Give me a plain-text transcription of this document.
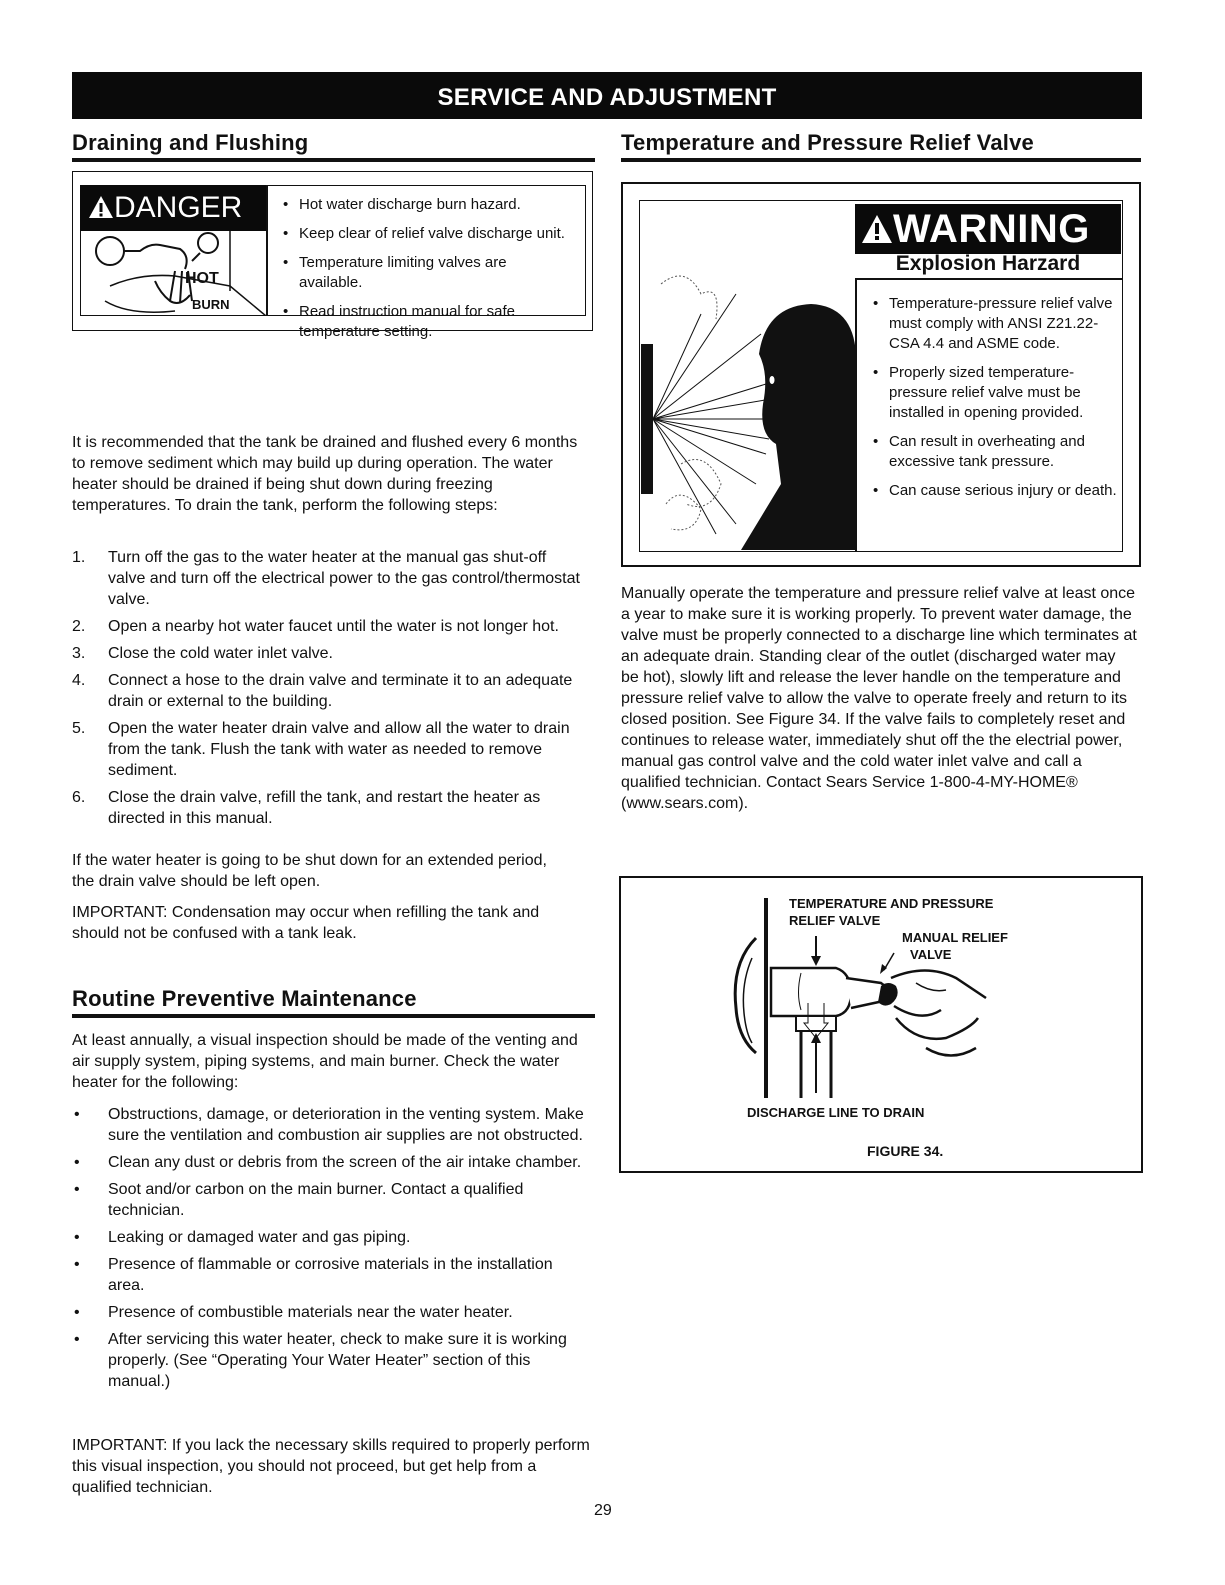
SERVICE AND ADJUSTMENT
Draining and Flushing
DANGER
HOT
BURN
• Hot water discharge burn hazard.
• Keep clear of relief valve discharge unit.
• Temperature limiting valves are available.
• Read instruction manual for safe temperature setting.

It is recommended that the tank be drained and flushed every 6 months to remove sediment which may build up during operation. The water heater should be drained if being shut down during freezing temperatures. To drain the tank, perform the following steps:

1. Turn off the gas to the water heater at the manual gas shut-off valve and turn off the electrical power to the gas control/thermostat valve.
2. Open a nearby hot water faucet until the water is not longer hot.
3. Close the cold water inlet valve.
4. Connect a hose to the drain valve and terminate it to an adequate drain or external to the building.
5. Open the water heater drain valve and allow all the water to drain from the tank. Flush the tank with water as needed to remove sediment.
6. Close the drain valve, refill the tank, and restart the heater as directed in this manual.

If the water heater is going to be shut down for an extended period, the drain valve should be left open.

IMPORTANT: Condensation may occur when refilling the tank and should not be confused with a tank leak.

Routine Preventive Maintenance

At least annually, a visual inspection should be made of the venting and air supply system, piping systems, and main burner. Check the water heater for the following:

• Obstructions, damage, or deterioration in the venting system. Make sure the ventilation and combustion air supplies are not obstructed.
• Clean any dust or debris from the screen of the air intake chamber.
• Soot and/or carbon on the main burner. Contact a qualified technician.
• Leaking or damaged water and gas piping.
• Presence of flammable or corrosive materials in the installation area.
• Presence of combustible materials near the water heater.
• After servicing this water heater, check to make sure it is working properly. (See “Operating Your Water Heater” section of this manual.)

IMPORTANT: If you lack the necessary skills required to properly perform this visual inspection, you should not proceed, but get help from a qualified technician.

Temperature and Pressure Relief Valve
WARNING
Explosion Harzard
• Temperature-pressure relief valve must comply with ANSI Z21.22-CSA 4.4 and ASME code.
• Properly sized temperature-pressure relief valve must be installed in opening provided.
• Can result in overheating and excessive tank pressure.
• Can cause serious injury or death.

Manually operate the temperature and pressure relief valve at least once a year to make sure it is working properly. To prevent water damage, the valve must be properly connected to a discharge line which terminates at an adequate drain. Standing clear of the outlet (discharged water may be hot), slowly lift and release the lever handle on the temperature and pressure relief valve to allow the valve to operate freely and return to its closed position. See Figure 34. If the valve fails to completely reset and continues to release water, immediately shut off the the electrial power, manual gas control valve and the cold water inlet valve and call a qualified technician. Contact Sears Service 1-800-4-MY-HOME® (www.sears.com).

TEMPERATURE AND PRESSURE
RELIEF VALVE
MANUAL RELIEF
VALVE
DISCHARGE LINE TO DRAIN
FIGURE 34.
29
